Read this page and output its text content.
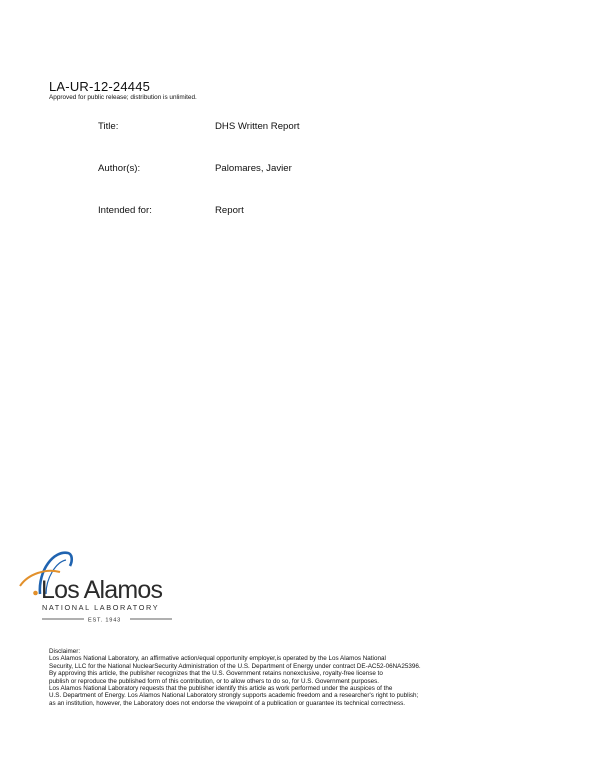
LA-UR-12-24445
Approved for public release; distribution is unlimited.
Title:	DHS Written Report
Author(s):	Palomares, Javier
Intended for:	Report
Los Alamos
NATIONAL LABORATORY
EST. 1943
Disclaimer:
Los Alamos National Laboratory, an affirmative action/equal opportunity employer,is operated by the Los Alamos National
Security, LLC for the National NuclearSecurity Administration of the U.S. Department of Energy under contract DE-AC52-06NA25396.
By approving this article, the publisher recognizes that the U.S. Government retains nonexclusive, royalty-free license to
publish or reproduce the published form of this contribution, or to allow others to do so, for U.S. Government purposes.
Los Alamos National Laboratory requests that the publisher identify this article as work performed under the auspices of the
U.S. Department of Energy. Los Alamos National Laboratory strongly supports academic freedom and a researcher's right to publish;
as an institution, however, the Laboratory does not endorse the viewpoint of a publication or guarantee its technical correctness.
